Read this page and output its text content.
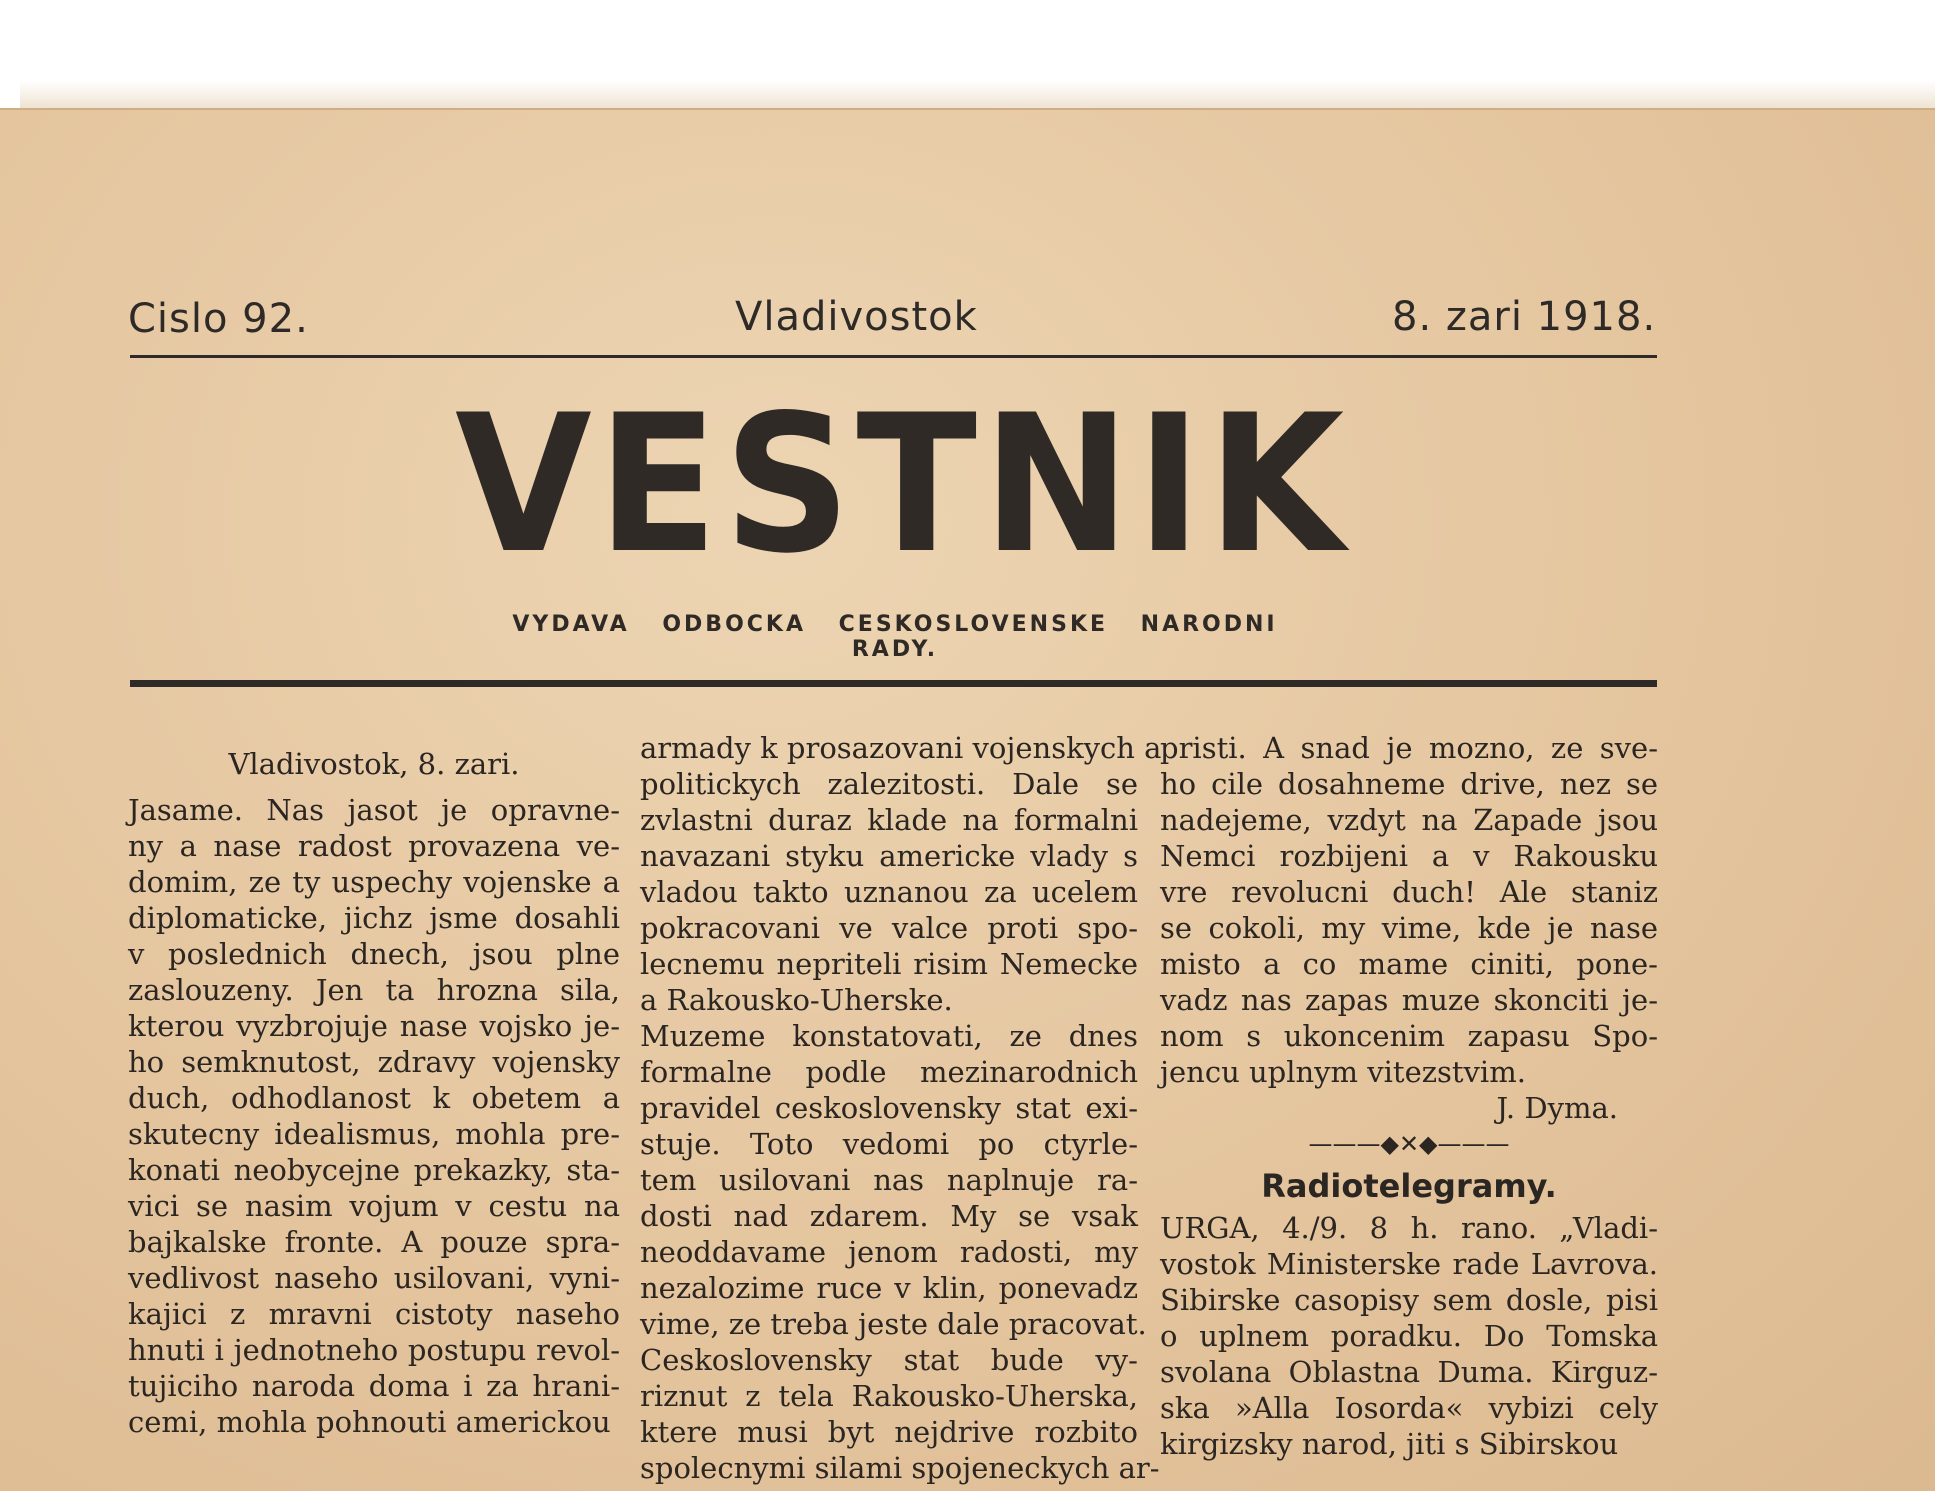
Cislo 92.	Vladivostok	8. zari 1918.
VESTNIK
VYDAVA ODBOCKA CESKOSLOVENSKE NARODNI RADY.
Vladivostok, 8. zari.
Jasame. Nas jasot je opravne-
ny a nase radost provazena ve-
domim, ze ty uspechy vojenske a
diplomaticke, jichz jsme dosahli
v poslednich dnech, jsou plne
zaslouzeny. Jen ta hrozna sila,
kterou vyzbrojuje nase vojsko je-
ho semknutost, zdravy vojensky
duch, odhodlanost k obetem a
skutecny idealismus, mohla pre-
konati neobycejne prekazky, sta-
vici se nasim vojum v cestu na
bajkalske fronte. A pouze spra-
vedlivost naseho usilovani, vyni-
kajici z mravni cistoty naseho
hnuti i jednotneho postupu revol-
tujiciho naroda doma i za hrani-
cemi, mohla pohnouti americkou
armady k prosazovani vojenskych a
politickych zalezitosti. Dale se
zvlastni duraz klade na formalni
navazani styku americke vlady s
vladou takto uznanou za ucelem
pokracovani ve valce proti spo-
lecnemu nepriteli risim Nemecke
a Rakousko-Uherske.
Muzeme konstatovati, ze dnes
formalne podle mezinarodnich
pravidel ceskoslovensky stat exi-
stuje. Toto vedomi po ctyrle-
tem usilovani nas naplnuje ra-
dosti nad zdarem. My se vsak
neoddavame jenom radosti, my
nezalozime ruce v klin, ponevadz
vime, ze treba jeste dale pracovat.
Ceskoslovensky stat bude vy-
riznut z tela Rakousko-Uherska,
ktere musi byt nejdrive rozbito
spolecnymi silami spojeneckych ar-
pristi. A snad je mozno, ze sve-
ho cile dosahneme drive, nez se
nadejeme, vzdyt na Zapade jsou
Nemci rozbijeni a v Rakousku
vre revolucni duch! Ale staniz
se cokoli, my vime, kde je nase
misto a co mame ciniti, pone-
vadz nas zapas muze skonciti je-
nom s ukoncenim zapasu Spo-
jencu uplnym vitezstvim.
J. Dyma.
———◆✕◆———
Radiotelegramy.
URGA, 4./9. 8 h. rano. „Vladi-
vostok Ministerske rade Lavrova.
Sibirske casopisy sem dosle, pisi
o uplnem poradku. Do Tomska
svolana Oblastna Duma. Kirguz-
ska »Alla Iosorda« vybizi cely
kirgizsky narod, jiti s Sibirskou
